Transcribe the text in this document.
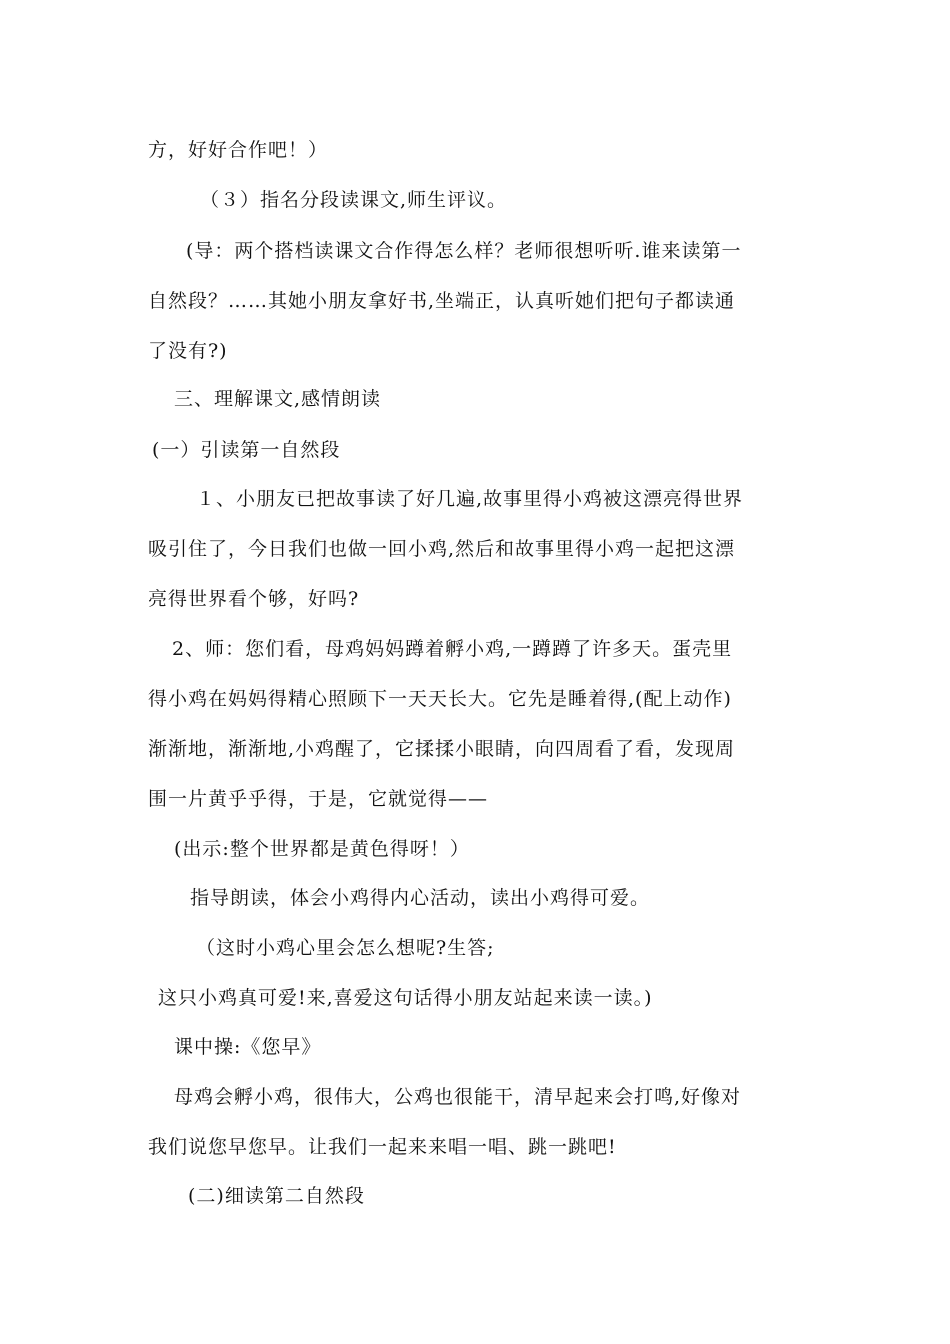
方，好好合作吧！）
（３）指名分段读课文,师生评议。
(导：两个搭档读课文合作得怎么样？老师很想听听.谁来读第一
自然段？……其她小朋友拿好书,坐端正，认真听她们把句子都读通
了没有?)
三、理解课文,感情朗读
(一）引读第一自然段
１、小朋友已把故事读了好几遍,故事里得小鸡被这漂亮得世界
吸引住了，今日我们也做一回小鸡,然后和故事里得小鸡一起把这漂
亮得世界看个够，好吗?
2、师：您们看，母鸡妈妈蹲着孵小鸡,一蹲蹲了许多天。蛋壳里
得小鸡在妈妈得精心照顾下一天天长大。它先是睡着得,(配上动作)
渐渐地，渐渐地,小鸡醒了，它揉揉小眼睛，向四周看了看，发现周
围一片黄乎乎得，于是，它就觉得——
(出示:整个世界都是黄色得呀！）
指导朗读，体会小鸡得内心活动，读出小鸡得可爱。
（这时小鸡心里会怎么想呢?生答;
这只小鸡真可爱!来,喜爱这句话得小朋友站起来读一读。)
课中操:《您早》
母鸡会孵小鸡，很伟大，公鸡也很能干，清早起来会打鸣,好像对
我们说您早您早。让我们一起来来唱一唱、跳一跳吧!
(二)细读第二自然段
